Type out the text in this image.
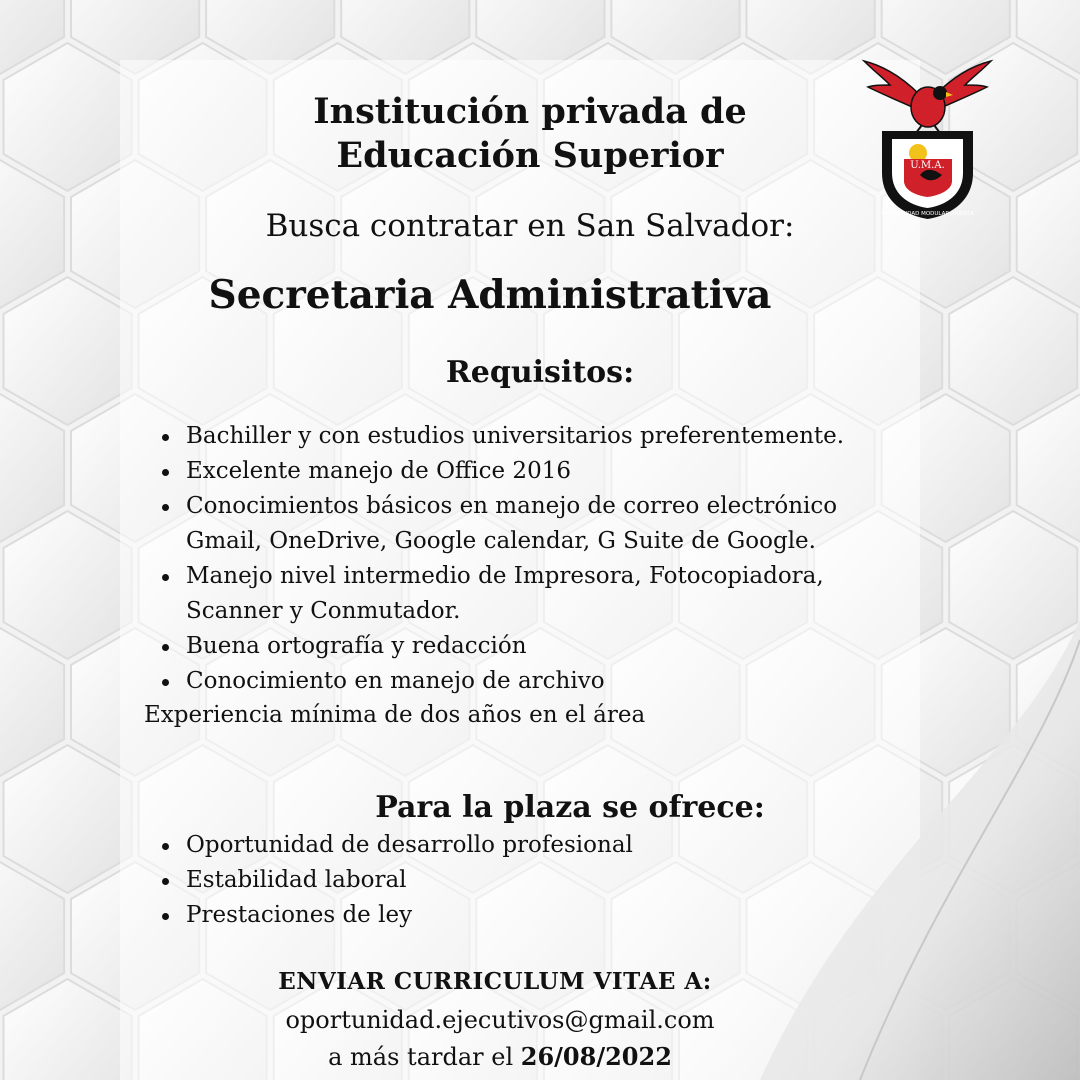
Institución privada de
Educación Superior	U.M.A.
UNIVERSIDAD MODULAR ABIERTA
Busca contratar en San Salvador:
Secretaria Administrativa
Requisitos:
Bachiller y con estudios universitarios preferentemente.
Excelente manejo de Office 2016
Conocimientos básicos en manejo de correo electrónico
Gmail, OneDrive, Google calendar, G Suite de Google.
Manejo nivel intermedio de Impresora, Fotocopiadora,
Scanner y Conmutador.
Buena ortografía y redacción
Conocimiento en manejo de archivo
Experiencia mínima de dos años en el área
Para la plaza se ofrece:
Oportunidad de desarrollo profesional
Estabilidad laboral
Prestaciones de ley
ENVIAR CURRICULUM VITAE A:
oportunidad.ejecutivos@gmail.com
a más tardar el 26/08/2022
